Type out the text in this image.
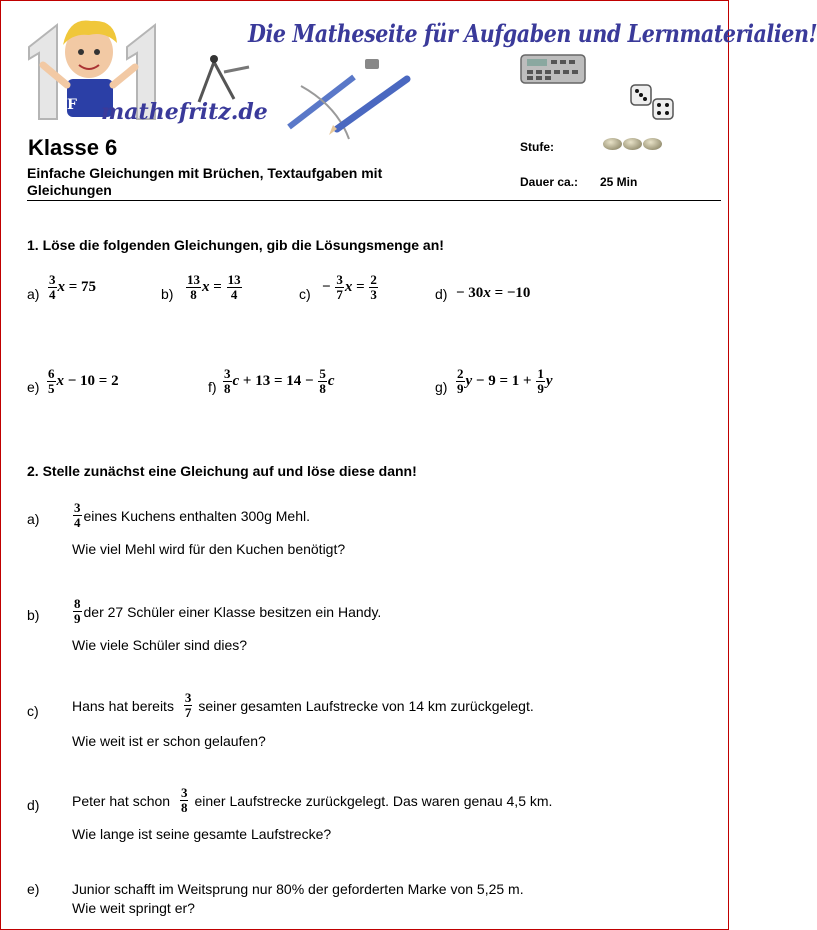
F
Die Matheseite für Aufgaben und Lernmaterialien!
mathefritz.de
Klasse 6
Einfache Gleichungen mit Brüchen, Textaufgaben mit Gleichungen
Stufe:
Dauer ca.: 25 Min
1. Löse die folgenden Gleichungen, gib die Lösungsmenge an!
a)
3
4 x
= 75	b)
13
8 x = 13
4	c) −
$\frac{3}{7}$ x = 2
3	d) − 30 x
= −10
e)
6
5 x
− 10 = 2	f)
3
8 c
+ 13 = 14 −
$\frac{5}{8}$ c	g)
2
9 y
− 9 = 1 +
$\frac{1}{9}$ y
2. Stelle zunächst eine Gleichung auf und löse diese dann!
a)
3
4 eines Kuchens enthalten 300g Mehl.
Wie viel Mehl wird für den Kuchen benötigt?
b)
8
9 der 27 Schüler einer Klasse besitzen ein Handy.
Wie viele Schüler sind dies?
c) Hans hat bereits
3
7 seiner gesamten Laufstrecke von 14 km zurückgelegt.
Wie weit ist er schon gelaufen?
d) Peter hat schon
3
8 einer Laufstrecke zurückgelegt. Das waren genau 4,5 km.
Wie lange ist seine gesamte Laufstrecke?
e) Junior schafft im Weitsprung nur 80% der geforderten Marke von 5,25 m.
Wie weit springt er?
